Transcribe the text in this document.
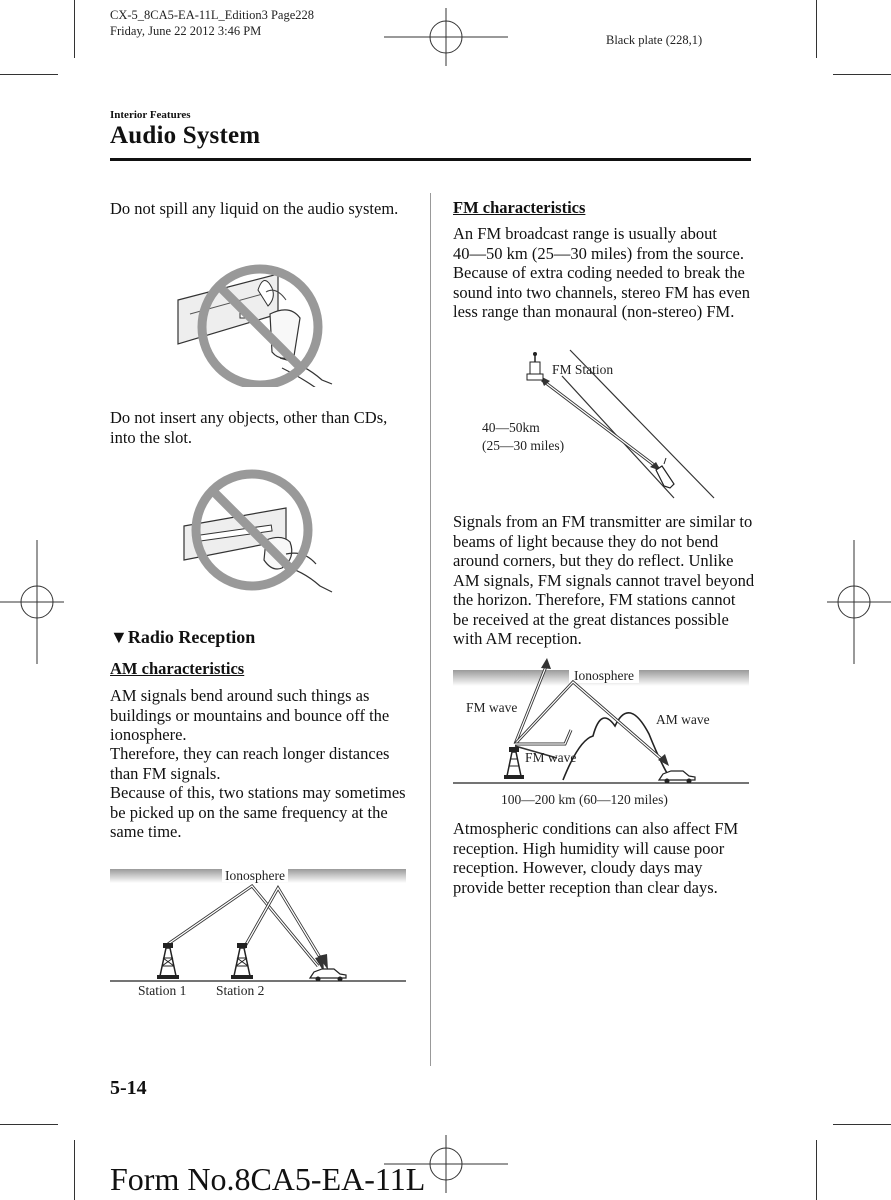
CX-5_8CA5-EA-11L_Edition3 Page228
Friday, June 22 2012 3:46 PM
Black plate (228,1)
Interior Features
Audio System
Do not spill any liquid on the audio system.
Do not insert any objects, other than CDs, into the slot.
▼Radio Reception
AM characteristics
AM signals bend around such things as buildings or mountains and bounce off the ionosphere.
Therefore, they can reach longer distances than FM signals.
Because of this, two stations may sometimes be picked up on the same frequency at the same time.
Ionosphere
Station 1 Station 2
FM characteristics
An FM broadcast range is usually about 40―50 km (25―30 miles) from the source. Because of extra coding needed to break the sound into two channels, stereo FM has even less range than monaural (non-stereo) FM.
FM Station
40—50km
(25—30 miles)
Signals from an FM transmitter are similar to beams of light because they do not bend around corners, but they do reflect. Unlike AM signals, FM signals cannot travel beyond the horizon. Therefore, FM stations cannot be received at the great distances possible with AM reception.
Ionosphere
FM wave
AM wave
FM wave
100—200 km (60—120 miles)
Atmospheric conditions can also affect FM reception. High humidity will cause poor reception. However, cloudy days may provide better reception than clear days.
5-14
Form No.8CA5-EA-11L
